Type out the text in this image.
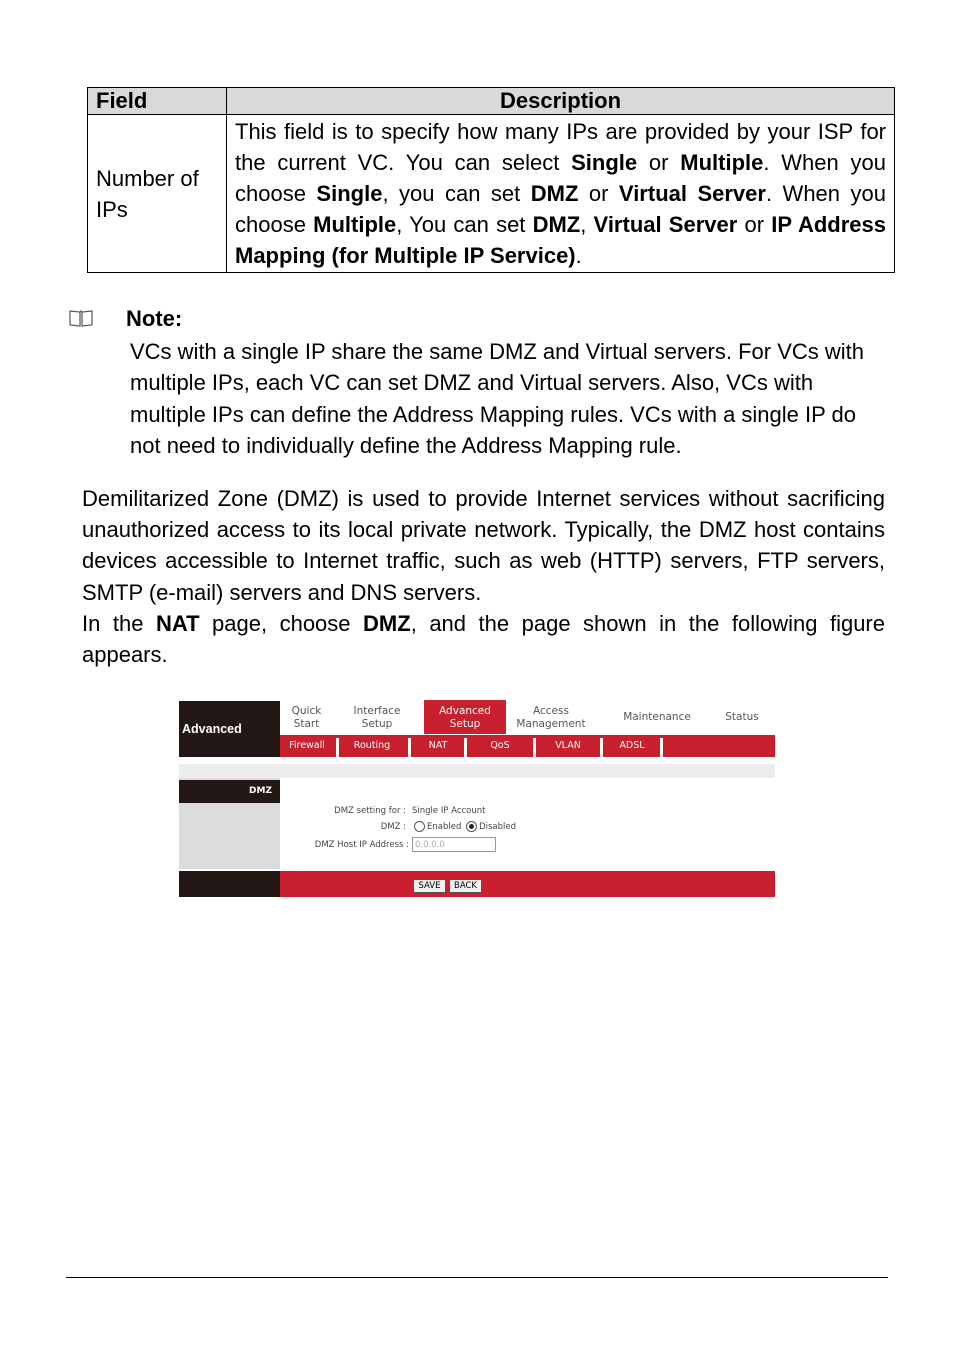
Field	Description
Number of IPs	This field is to specify how many IPs are provided by your ISP for the current VC. You can select Single or Multiple. When you choose Single, you can set DMZ or Virtual Server. When you choose Multiple, You can set DMZ, Virtual Server or IP Address Mapping (for Multiple IP Service).
Note:
VCs with a single IP share the same DMZ and Virtual servers. For VCs with multiple IPs, each VC can set DMZ and Virtual servers. Also, VCs with multiple IPs can define the Address Mapping rules. VCs with a single IP do not need to individually define the Address Mapping rule.
Demilitarized Zone (DMZ) is used to provide Internet services without sacrificing unauthorized access to its local private network. Typically, the DMZ host contains devices accessible to Internet traffic, such as web (HTTP) servers, FTP servers, SMTP (e-mail) servers and DNS servers.
In the NAT page, choose DMZ, and the page shown in the following figure appears.
Advanced
Quick
Start
Interface
Setup
Advanced
Setup
Access
Management
Maintenance	Status
Firewall	Routing	NAT	QoS	VLAN	ADSL
DMZ
DMZ setting for : Single IP Account
DMZ :	Enabled Disabled
DMZ Host IP Address : 0.0.0.0
SAVE	BACK
